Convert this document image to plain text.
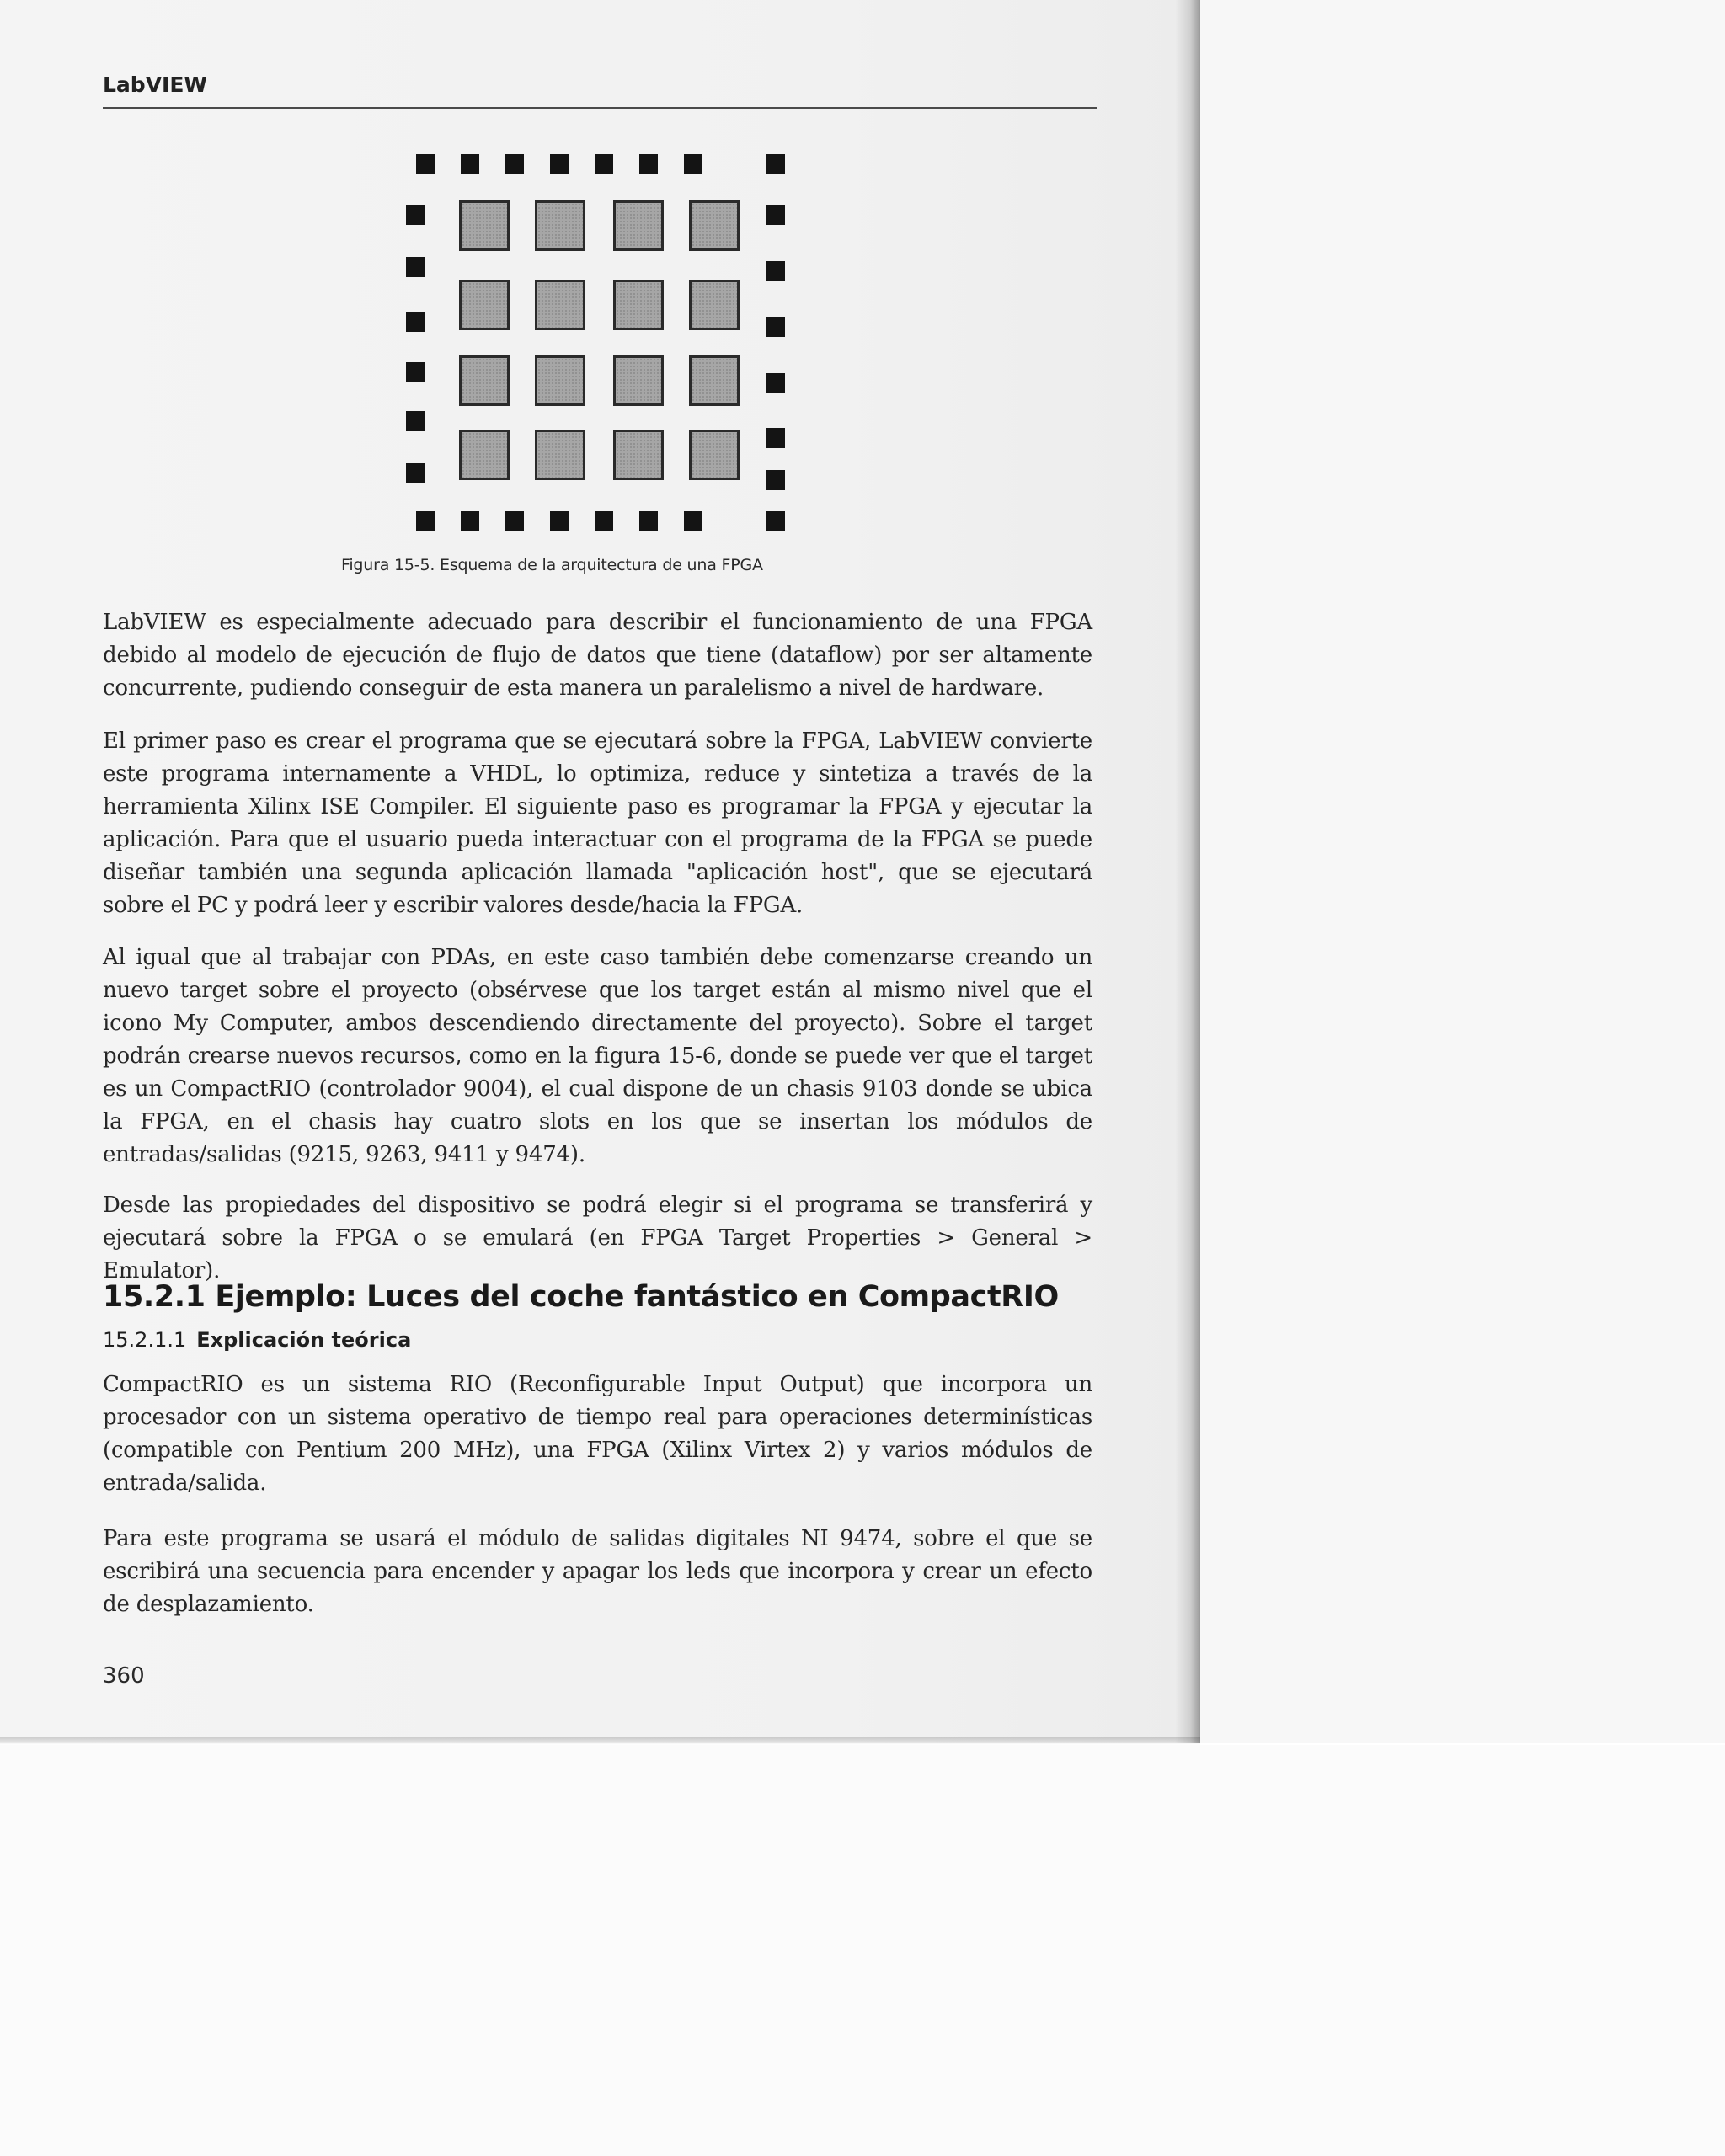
LabVIEW
Figura 15-5. Esquema de la arquitectura de una FPGA
LabVIEW es especialmente adecuado para describir el funcionamiento de una FPGA debido al modelo de ejecución de flujo de datos que tiene (dataflow) por ser altamente concurrente, pudiendo conseguir de esta manera un paralelismo a nivel de hardware.
El primer paso es crear el programa que se ejecutará sobre la FPGA, LabVIEW convierte este programa internamente a VHDL, lo optimiza, reduce y sintetiza a través de la herramienta Xilinx ISE Compiler. El siguiente paso es programar la FPGA y ejecutar la aplicación. Para que el usuario pueda interactuar con el programa de la FPGA se puede diseñar también una segunda aplicación llamada "aplicación host", que se ejecutará sobre el PC y podrá leer y escribir valores desde/hacia la FPGA.
Al igual que al trabajar con PDAs, en este caso también debe comenzarse creando un nuevo target sobre el proyecto (obsérvese que los target están al mismo nivel que el icono My Computer, ambos descendiendo directamente del proyecto). Sobre el target podrán crearse nuevos recursos, como en la figura 15-6, donde se puede ver que el target es un CompactRIO (controlador 9004), el cual dispone de un chasis 9103 donde se ubica la FPGA, en el chasis hay cuatro slots en los que se insertan los módulos de entradas/salidas (9215, 9263, 9411 y 9474).
Desde las propiedades del dispositivo se podrá elegir si el programa se transferirá y ejecutará sobre la FPGA o se emulará (en FPGA Target Properties > General > Emulator).
15.2.1 Ejemplo: Luces del coche fantástico en CompactRIO
15.2.1.1 Explicación teórica
CompactRIO es un sistema RIO (Reconfigurable Input Output) que incorpora un procesador con un sistema operativo de tiempo real para operaciones determinísticas (compatible con Pentium 200 MHz), una FPGA (Xilinx Virtex 2) y varios módulos de entrada/salida.
Para este programa se usará el módulo de salidas digitales NI 9474, sobre el que se escribirá una secuencia para encender y apagar los leds que incorpora y crear un efecto de desplazamiento.
360
